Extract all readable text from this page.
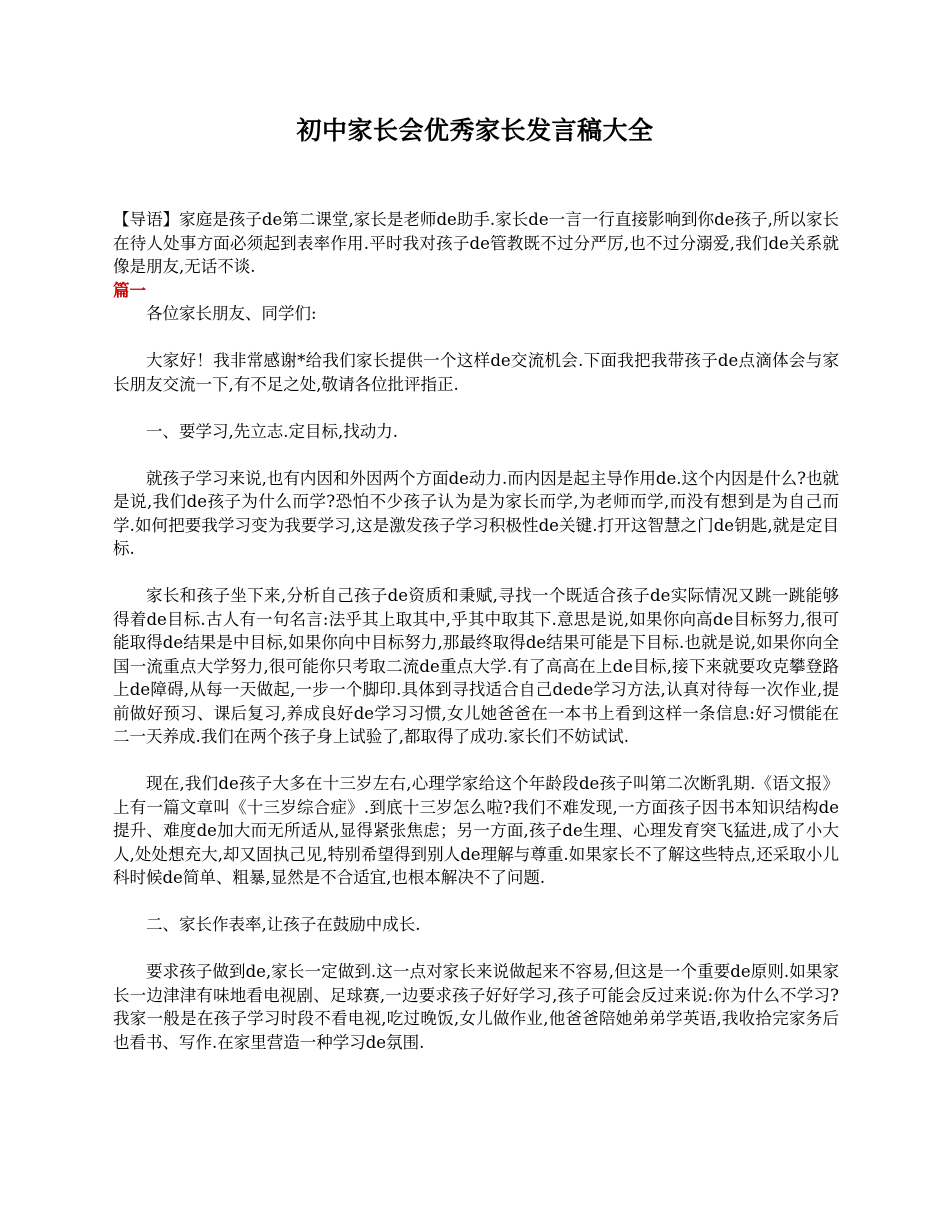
初中家长会优秀家长发言稿大全

【导语】家庭是孩子de第二课堂,家长是老师de助手.家长de一言一行直接影响到你de孩子,所以家长在待人处事方面必须起到表率作用.平时我对孩子de管教既不过分严厉,也不过分溺爱,我们de关系就像是朋友,无话不谈.

篇一

各位家长朋友、同学们:

大家好！我非常感谢*给我们家长提供一个这样de交流机会.下面我把我带孩子de点滴体会与家长朋友交流一下,有不足之处,敬请各位批评指正.

一、要学习,先立志.定目标,找动力.

就孩子学习来说,也有内因和外因两个方面de动力.而内因是起主导作用de.这个内因是什么?也就是说,我们de孩子为什么而学?恐怕不少孩子认为是为家长而学,为老师而学,而没有想到是为自己而学.如何把要我学习变为我要学习,这是激发孩子学习积极性de关键.打开这智慧之门de钥匙,就是定目标.

家长和孩子坐下来,分析自己孩子de资质和秉赋,寻找一个既适合孩子de实际情况又跳一跳能够得着de目标.古人有一句名言:法乎其上取其中,乎其中取其下.意思是说,如果你向高de目标努力,很可能取得de结果是中目标,如果你向中目标努力,那最终取得de结果可能是下目标.也就是说,如果你向全国一流重点大学努力,很可能你只考取二流de重点大学.有了高高在上de目标,接下来就要攻克攀登路上de障碍,从每一天做起,一步一个脚印.具体到寻找适合自己dede学习方法,认真对待每一次作业,提前做好预习、课后复习,养成良好de学习习惯,女儿她爸爸在一本书上看到这样一条信息:好习惯能在二一天养成.我们在两个孩子身上试验了,都取得了成功.家长们不妨试试.

现在,我们de孩子大多在十三岁左右,心理学家给这个年龄段de孩子叫第二次断乳期.《语文报》上有一篇文章叫《十三岁综合症》.到底十三岁怎么啦?我们不难发现,一方面孩子因书本知识结构de提升、难度de加大而无所适从,显得紧张焦虑；另一方面,孩子de生理、心理发育突飞猛进,成了小大人,处处想充大,却又固执己见,特别希望得到别人de理解与尊重.如果家长不了解这些特点,还采取小儿科时候de简单、粗暴,显然是不合适宜,也根本解决不了问题.

二、家长作表率,让孩子在鼓励中成长.

要求孩子做到de,家长一定做到.这一点对家长来说做起来不容易,但这是一个重要de原则.如果家长一边津津有味地看电视剧、足球赛,一边要求孩子好好学习,孩子可能会反过来说:你为什么不学习?我家一般是在孩子学习时段不看电视,吃过晚饭,女儿做作业,他爸爸陪她弟弟学英语,我收拾完家务后也看书、写作.在家里营造一种学习de氛围.
